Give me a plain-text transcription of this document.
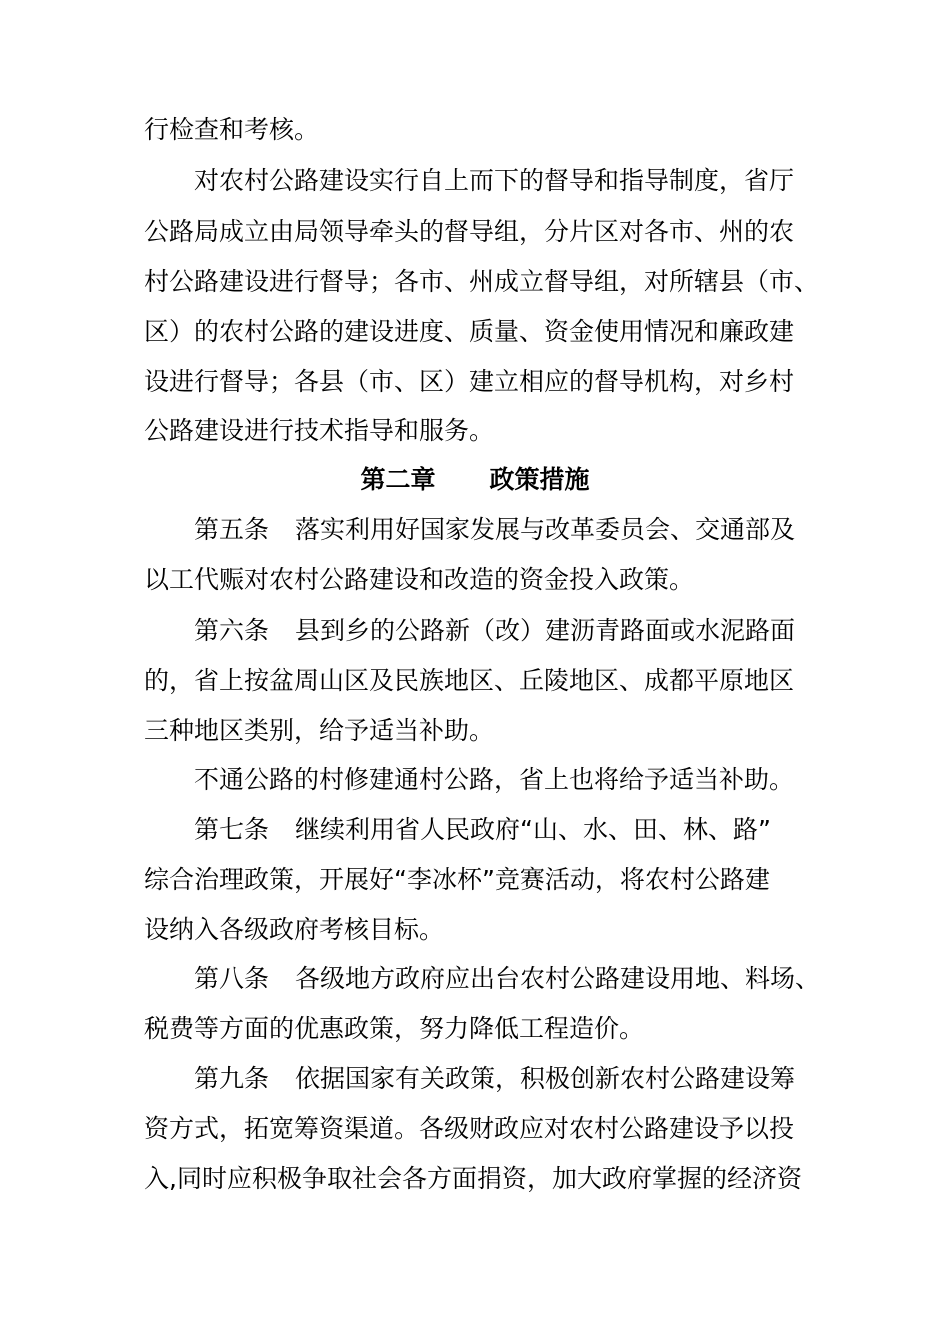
行检查和考核。
对农村公路建设实行自上而下的督导和指导制度，省厅
公路局成立由局领导牵头的督导组，分片区对各市、州的农
村公路建设进行督导；各市、州成立督导组，对所辖县（市、
区）的农村公路的建设进度、质量、资金使用情况和廉政建
设进行督导；各县（市、区）建立相应的督导机构，对乡村
公路建设进行技术指导和服务。
第二章 政策措施
第五条 落实利用好国家发展与改革委员会、交通部及
以工代赈对农村公路建设和改造的资金投入政策。
第六条 县到乡的公路新（改）建沥青路面或水泥路面
的，省上按盆周山区及民族地区、丘陵地区、成都平原地区
三种地区类别，给予适当补助。
不通公路的村修建通村公路，省上也将给予适当补助。
第七条 继续利用省人民政府“山、水、田、林、路”
综合治理政策，开展好“李冰杯”竞赛活动，将农村公路建
设纳入各级政府考核目标。
第八条 各级地方政府应出台农村公路建设用地、料场、
税费等方面的优惠政策，努力降低工程造价。
第九条 依据国家有关政策，积极创新农村公路建设筹
资方式，拓宽筹资渠道。各级财政应对农村公路建设予以投
入,同时应积极争取社会各方面捐资，加大政府掌握的经济资
